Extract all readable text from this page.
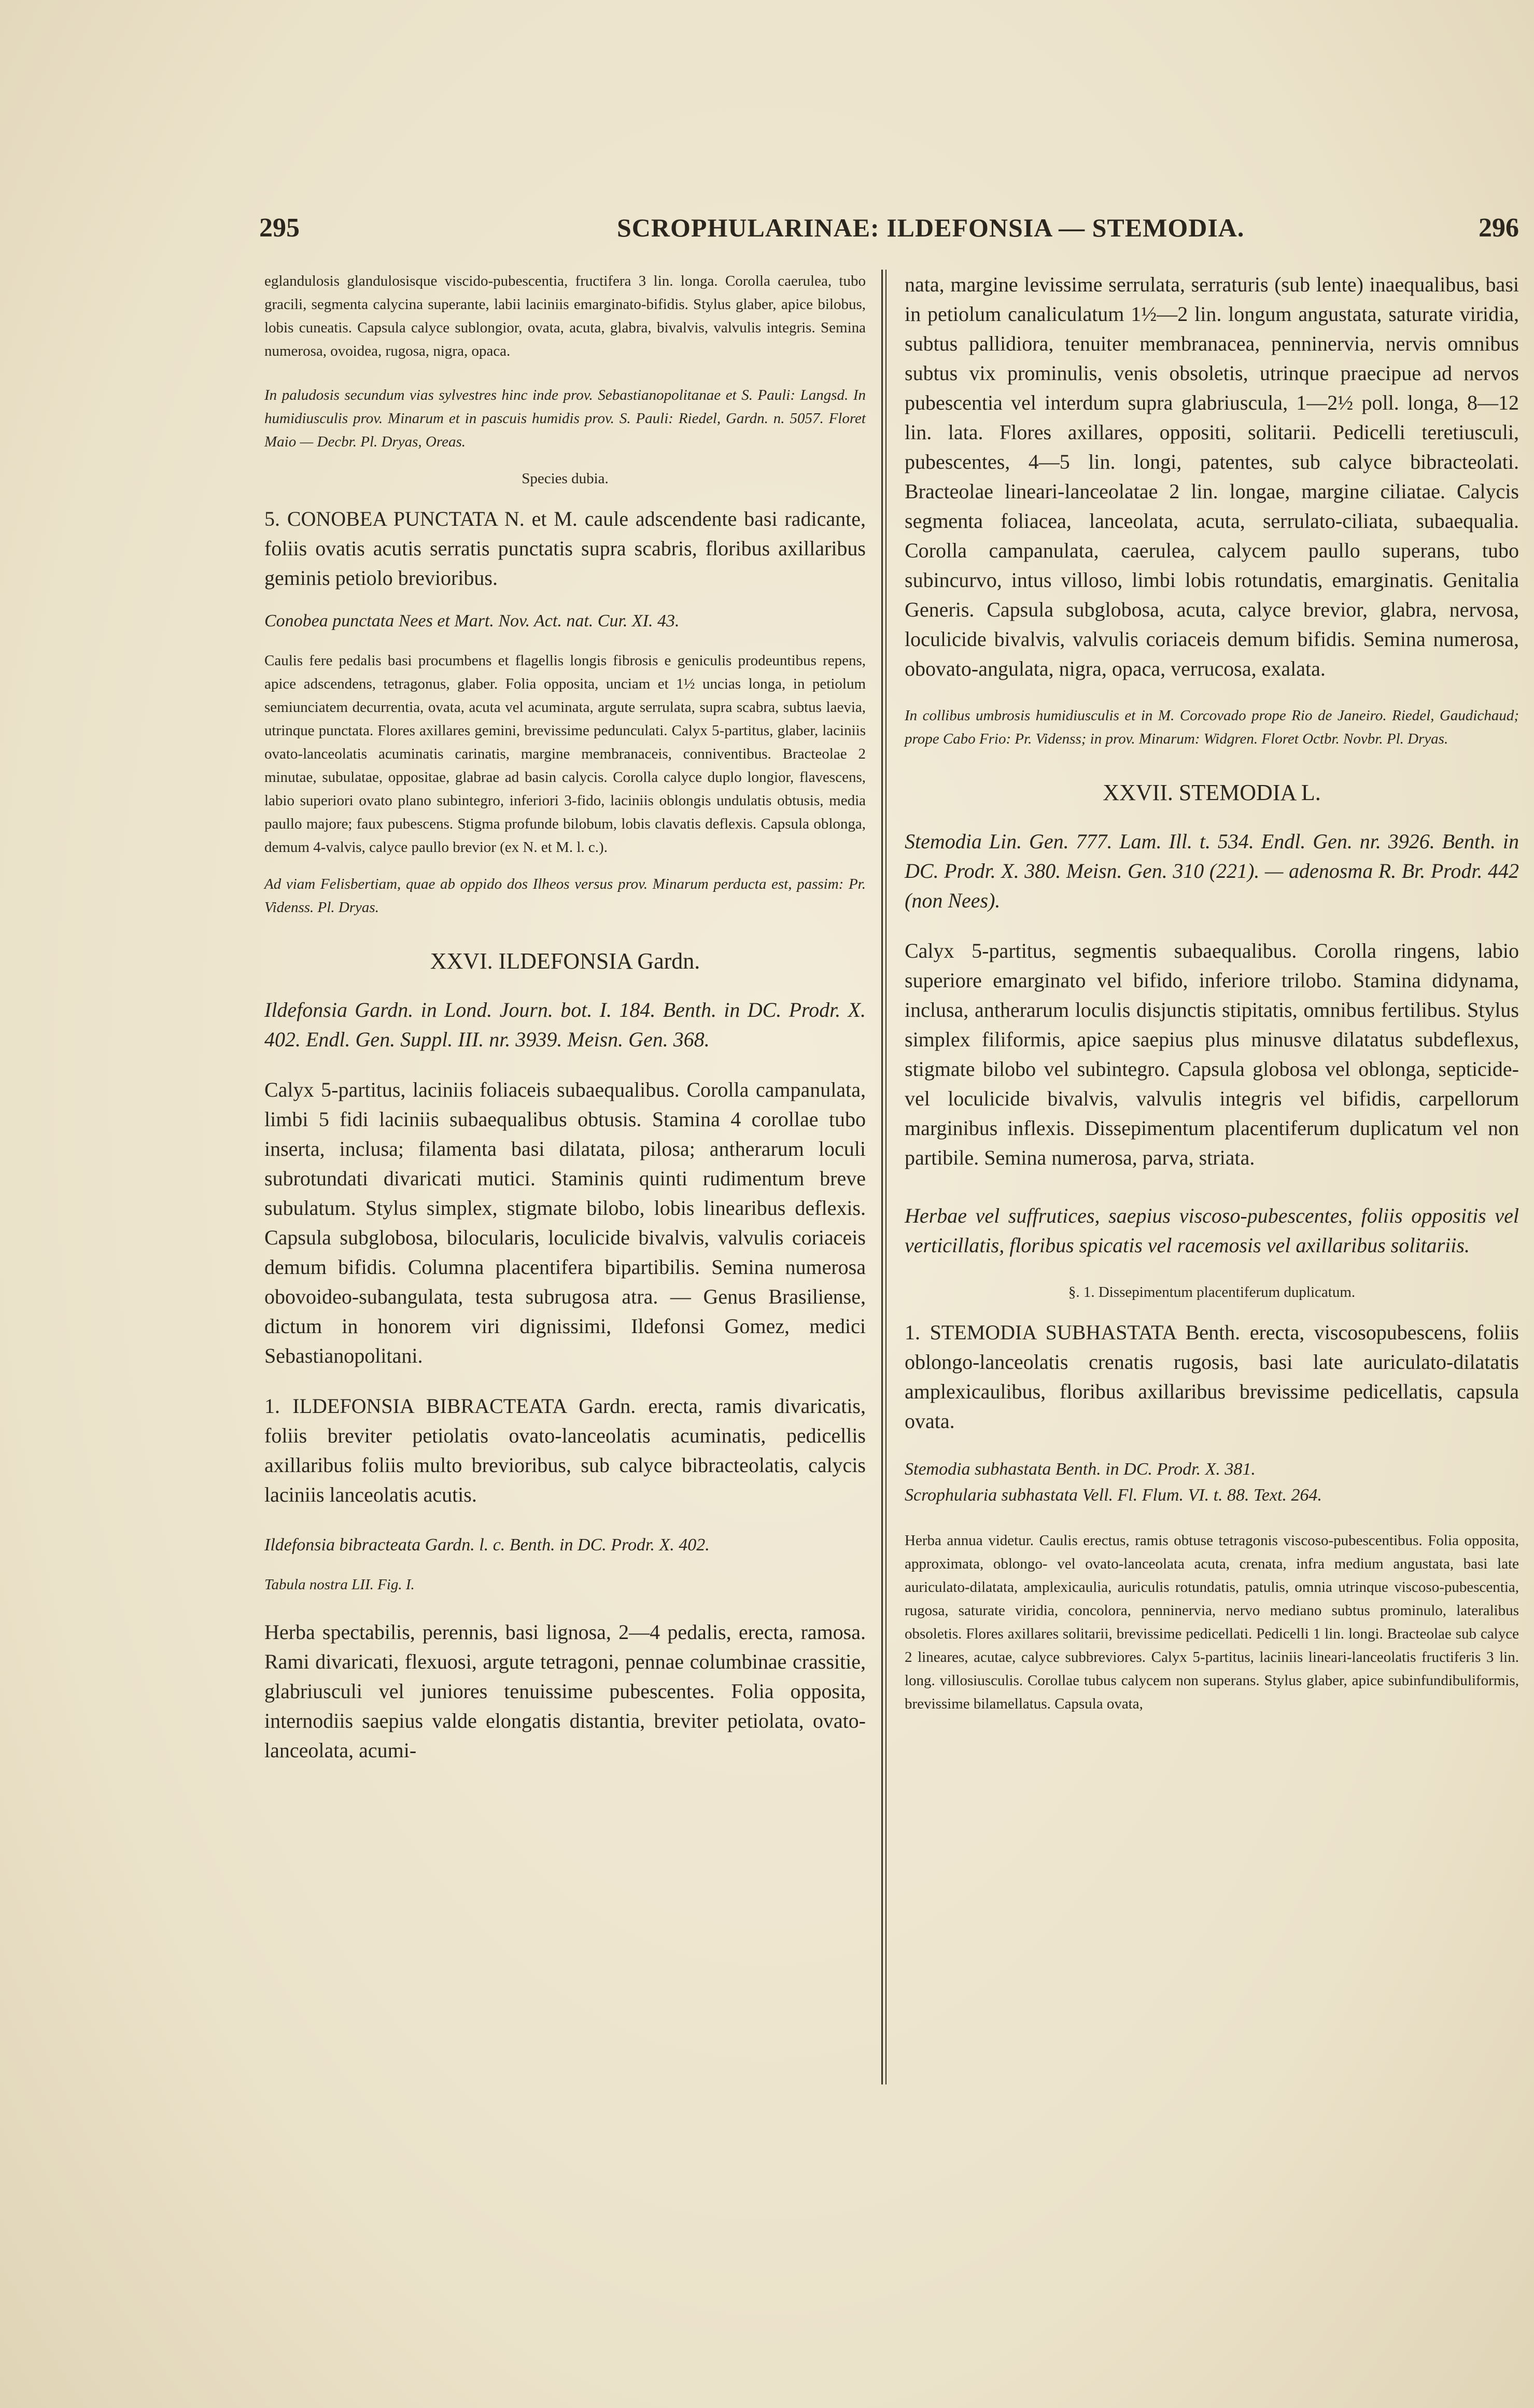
295	SCROPHULARINAE: ILDEFONSIA — STEMODIA.	296

eglandulosis glandulosisque viscido-pubescentia, fructifera 3 lin. longa. Corolla caerulea, tubo gracili, segmenta calycina superante, labii laciniis emarginato-bifidis. Stylus glaber, apice bilobus, lobis cuneatis. Capsula calyce sublongior, ovata, acuta, glabra, bivalvis, valvulis integris. Semina numerosa, ovoidea, rugosa, nigra, opaca.

In paludosis secundum vias sylvestres hinc inde prov. Sebastianopolitanae et S. Pauli: Langsd. In humidiusculis prov. Minarum et in pascuis humidis prov. S. Pauli: Riedel, Gardn. n. 5057. Floret Maio — Decbr. Pl. Dryas, Oreas.

Species dubia.

5. CONOBEA PUNCTATA N. et M. caule adscendente basi radicante, foliis ovatis acutis serratis punctatis supra scabris, floribus axillaribus geminis petiolo brevioribus.

Conobea punctata Nees et Mart. Nov. Act. nat. Cur. XI. 43.

Caulis fere pedalis basi procumbens et flagellis longis fibrosis e geniculis prodeuntibus repens, apice adscendens, tetragonus, glaber. Folia opposita, unciam et 1½ uncias longa, in petiolum semiunciatem decurrentia, ovata, acuta vel acuminata, argute serrulata, supra scabra, subtus laevia, utrinque punctata. Flores axillares gemini, brevissime pedunculati. Calyx 5-partitus, glaber, laciniis ovato-lanceolatis acuminatis carinatis, margine membranaceis, conniventibus. Bracteolae 2 minutae, subulatae, oppositae, glabrae ad basin calycis. Corolla calyce duplo longior, flavescens, labio superiori ovato plano subintegro, inferiori 3-fido, laciniis oblongis undulatis obtusis, media paullo majore; faux pubescens. Stigma profunde bilobum, lobis clavatis deflexis. Capsula oblonga, demum 4-valvis, calyce paullo brevior (ex N. et M. l. c.).

Ad viam Felisbertiam, quae ab oppido dos Ilheos versus prov. Minarum perducta est, passim: Pr. Videnss. Pl. Dryas.

XXVI. ILDEFONSIA Gardn.

Ildefonsia Gardn. in Lond. Journ. bot. I. 184. Benth. in DC. Prodr. X. 402. Endl. Gen. Suppl. III. nr. 3939. Meisn. Gen. 368.

Calyx 5-partitus, laciniis foliaceis subaequalibus. Corolla campanulata, limbi 5 fidi laciniis subaequalibus obtusis. Stamina 4 corollae tubo inserta, inclusa; filamenta basi dilatata, pilosa; antherarum loculi subrotundati divaricati mutici. Staminis quinti rudimentum breve subulatum. Stylus simplex, stigmate bilobo, lobis linearibus deflexis. Capsula subglobosa, bilocularis, loculicide bivalvis, valvulis coriaceis demum bifidis. Columna placentifera bipartibilis. Semina numerosa obovoideo-subangulata, testa subrugosa atra. — Genus Brasiliense, dictum in honorem viri dignissimi, Ildefonsi Gomez, medici Sebastianopolitani.

1. ILDEFONSIA BIBRACTEATA Gardn. erecta, ramis divaricatis, foliis breviter petiolatis ovato-lanceolatis acuminatis, pedicellis axillaribus foliis multo brevioribus, sub calyce bibracteolatis, calycis laciniis lanceolatis acutis.

Ildefonsia bibracteata Gardn. l. c. Benth. in DC. Prodr. X. 402.

Tabula nostra LII. Fig. I.

Herba spectabilis, perennis, basi lignosa, 2—4 pedalis, erecta, ramosa. Rami divaricati, flexuosi, argute tetragoni, pennae columbinae crassitie, glabriusculi vel juniores tenuissime pubescentes. Folia opposita, internodiis saepius valde elongatis distantia, breviter petiolata, ovato-lanceolata, acumi-

nata, margine levissime serrulata, serraturis (sub lente) inaequalibus, basi in petiolum canaliculatum 1½—2 lin. longum angustata, saturate viridia, subtus pallidiora, tenuiter membranacea, penninervia, nervis omnibus subtus vix prominulis, venis obsoletis, utrinque praecipue ad nervos pubescentia vel interdum supra glabriuscula, 1—2½ poll. longa, 8—12 lin. lata. Flores axillares, oppositi, solitarii. Pedicelli teretiusculi, pubescentes, 4—5 lin. longi, patentes, sub calyce bibracteolati. Bracteolae lineari-lanceolatae 2 lin. longae, margine ciliatae. Calycis segmenta foliacea, lanceolata, acuta, serrulato-ciliata, subaequalia. Corolla campanulata, caerulea, calycem paullo superans, tubo subincurvo, intus villoso, limbi lobis rotundatis, emarginatis. Genitalia Generis. Capsula subglobosa, acuta, calyce brevior, glabra, nervosa, loculicide bivalvis, valvulis coriaceis demum bifidis. Semina numerosa, obovato-angulata, nigra, opaca, verrucosa, exalata.

In collibus umbrosis humidiusculis et in M. Corcovado prope Rio de Janeiro. Riedel, Gaudichaud; prope Cabo Frio: Pr. Videnss; in prov. Minarum: Widgren. Floret Octbr. Novbr. Pl. Dryas.

XXVII. STEMODIA L.

Stemodia Lin. Gen. 777. Lam. Ill. t. 534. Endl. Gen. nr. 3926. Benth. in DC. Prodr. X. 380. Meisn. Gen. 310 (221). — adenosma R. Br. Prodr. 442 (non Nees).

Calyx 5-partitus, segmentis subaequalibus. Corolla ringens, labio superiore emarginato vel bifido, inferiore trilobo. Stamina didynama, inclusa, antherarum loculis disjunctis stipitatis, omnibus fertilibus. Stylus simplex filiformis, apice saepius plus minusve dilatatus subdeflexus, stigmate bilobo vel subintegro. Capsula globosa vel oblonga, septicide-vel loculicide bivalvis, valvulis integris vel bifidis, carpellorum marginibus inflexis. Dissepimentum placentiferum duplicatum vel non partibile. Semina numerosa, parva, striata.

Herbae vel suffrutices, saepius viscoso-pubescentes, foliis oppositis vel verticillatis, floribus spicatis vel racemosis vel axillaribus solitariis.

§. 1. Dissepimentum placentiferum duplicatum.

1. STEMODIA SUBHASTATA Benth. erecta, viscosopubescens, foliis oblongo-lanceolatis crenatis rugosis, basi late auriculato-dilatatis amplexicaulibus, floribus axillaribus brevissime pedicellatis, capsula ovata.

Stemodia subhastata Benth. in DC. Prodr. X. 381.

Scrophularia subhastata Vell. Fl. Flum. VI. t. 88. Text. 264.

Herba annua videtur. Caulis erectus, ramis obtuse tetragonis viscoso-pubescentibus. Folia opposita, approximata, oblongo- vel ovato-lanceolata acuta, crenata, infra medium angustata, basi late auriculato-dilatata, amplexicaulia, auriculis rotundatis, patulis, omnia utrinque viscoso-pubescentia, rugosa, saturate viridia, concolora, penninervia, nervo mediano subtus prominulo, lateralibus obsoletis. Flores axillares solitarii, brevissime pedicellati. Pedicelli 1 lin. longi. Bracteolae sub calyce 2 lineares, acutae, calyce subbreviores. Calyx 5-partitus, laciniis lineari-lanceolatis fructiferis 3 lin. long. villosiusculis. Corollae tubus calycem non superans. Stylus glaber, apice subinfundibuliformis, brevissime bilamellatus. Capsula ovata,
